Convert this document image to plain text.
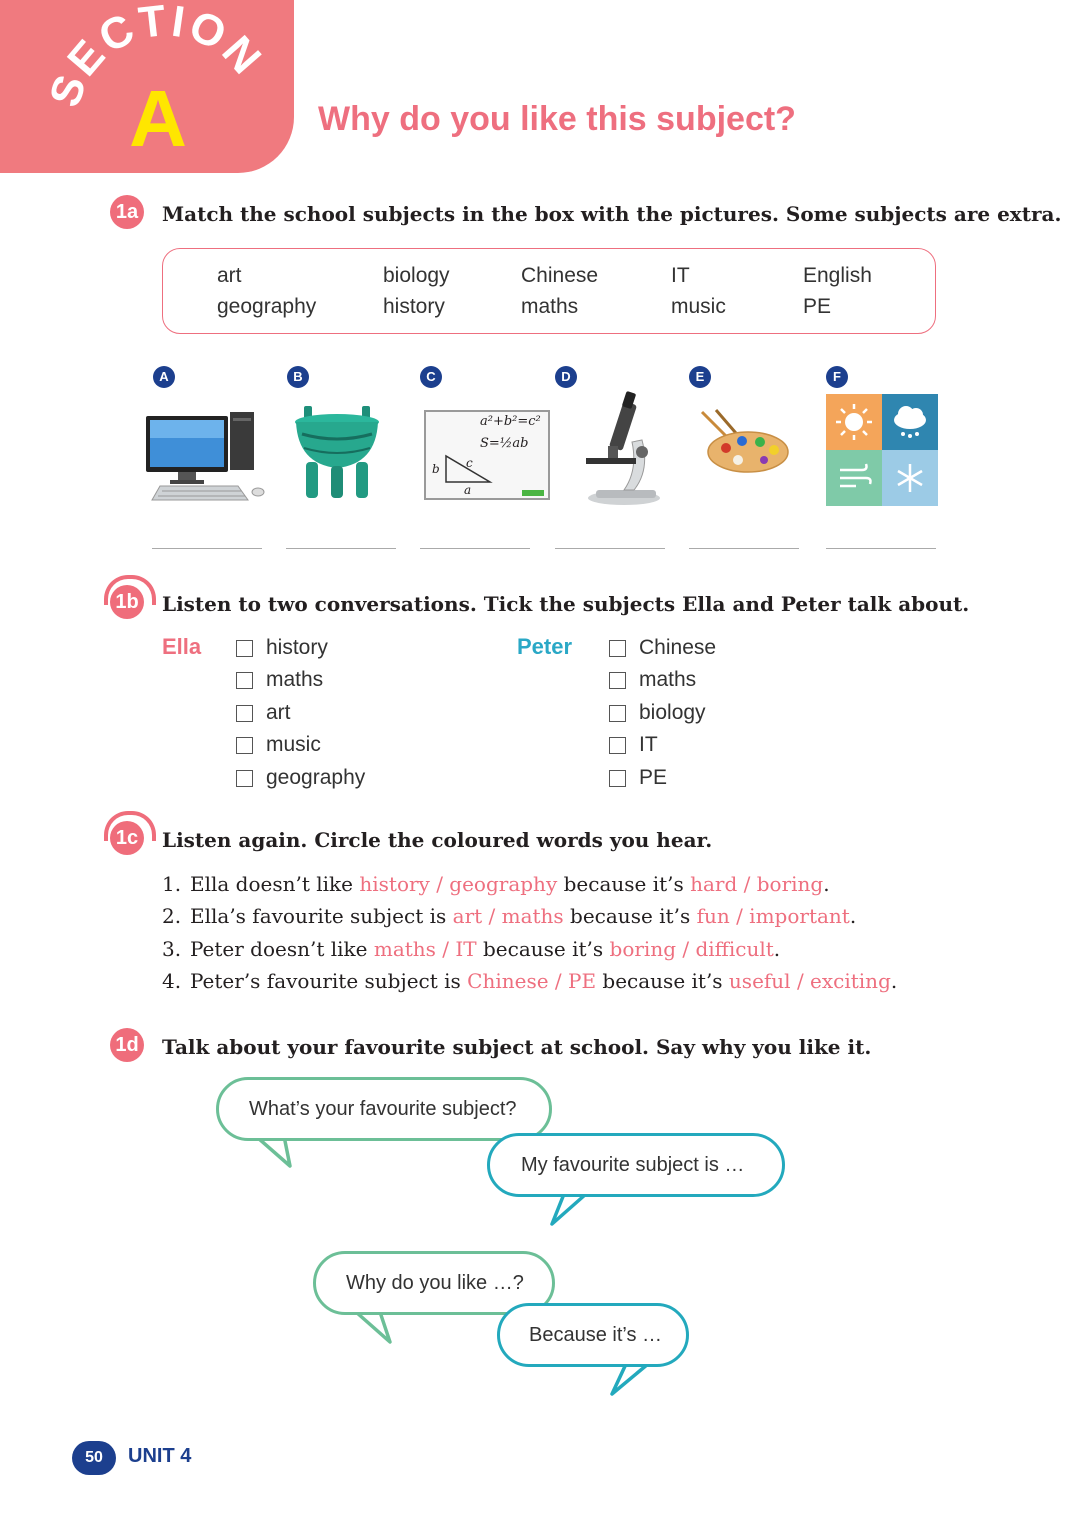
SECTION
A	Why do you like this subject?
1a Match the school subjects in the box with the pictures. Some subjects are extra.
art	biology	Chinese	IT	English
geography	history	maths	music	PE
A	B	C	D	E	F
a²+b²=c²
S=½ab
b
a
c
1b Listen to two conversations. Tick the subjects Ella and Peter talk about.
Ella	history
maths
art
music
geography
Peter	Chinese
maths
biology
IT
PE
1c Listen again. Circle the coloured words you hear.
1. Ella doesn’t like history / geography because it’s hard / boring.
2. Ella’s favourite subject is art / maths because it’s fun / important.
3. Peter doesn’t like maths / IT because it’s boring / difficult.
4. Peter’s favourite subject is Chinese / PE because it’s useful / exciting.
1d Talk about your favourite subject at school. Say why you like it.
What’s your favourite subject?
My favourite subject is …
Why do you like …?
Because it’s …
50	UNIT 4
